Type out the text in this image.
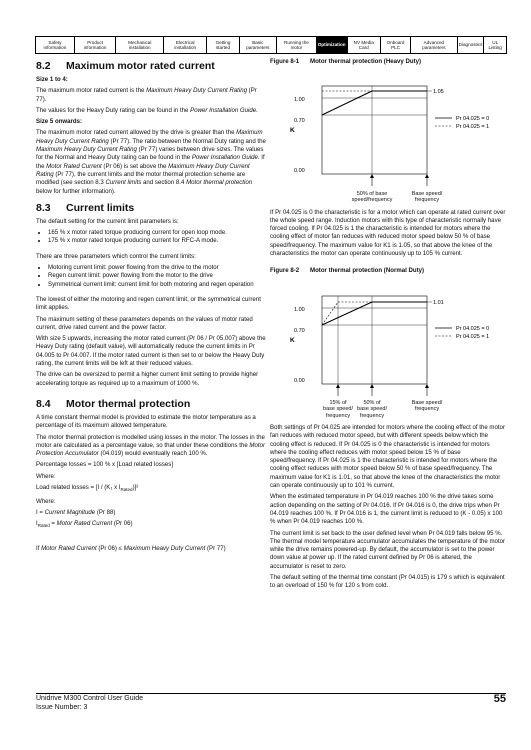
Safety information
Product information
Mechanical installation
Electrical installation
Getting started
Basic parameters
Running the motor
Optimization
NV Media Card
Onboard PLC
Advanced parameters
Diagnostics
UL Listing
8.2 Maximum motor rated current

Size 1 to 4:

The maximum motor rated current is the Maximum Heavy Duty Current Rating (Pr 77).

The values for the Heavy Duty rating can be found in the Power Installation Guide.

Size 5 onwards:

The maximum motor rated current allowed by the drive is greater than the Maximum Heavy Duty Current Rating (Pr 77). The ratio between the Normal Duty rating and the Maximum Heavy Duty Current Rating (Pr 77) varies between drive sizes. The values for the Normal and Heavy Duty rating can be found in the Power Installation Guide. If the Motor Rated Current (Pr 06) is set above the Maximum Heavy Duty Current Rating (Pr 77), the current limits and the motor thermal protection scheme are modified (see section 8.3 Current limits and section 8.4 Motor thermal protection below for further information).

8.3 Current limits

The default setting for the current limit parameters is:

• 165 % x motor rated torque producing current for open loop mode.
• 175 % x motor rated torque producing current for RFC-A mode.

There are three parameters which control the current limits:

• Motoring current limit: power flowing from the drive to the motor
• Regen current limit: power flowing from the motor to the drive
• Symmetrical current limit: current limit for both motoring and regen operation

The lowest of either the motoring and regen current limit, or the symmetrical current limit applies.

The maximum setting of these parameters depends on the values of motor rated current, drive rated current and the power factor.

With size 5 upwards, increasing the motor rated current (Pr 06 / Pr 05.007) above the Heavy Duty rating (default value), will automatically reduce the current limits in Pr 04.005 to Pr 04.007. If the motor rated current is then set to or below the Heavy Duty rating, the current limits will be left at their reduced values.

The drive can be oversized to permit a higher current limit setting to provide higher accelerating torque as required up to a maximum of 1000 %.

8.4 Motor thermal protection

A time constant thermal model is provided to estimate the motor temperature as a percentage of its maximum allowed temperature.

The motor thermal protection is modelled using losses in the motor. The losses in the motor are calculated as a percentage value, so that under these conditions the Motor Protection Accumulator (04.019) would eventually reach 100 %.

Percentage losses = 100 % x [Load related losses]

Where:

Load related losses = [I / (K₁ x $I_{Rated})]^2$

Where:

I = Current Magnitude (Pr 88)

$I_{Rated}$ = Motor Rated Current (Pr 06)

If Motor Rated Current (Pr 06) ≤ Maximum Heavy Duty Current (Pr 77)

Figure 8-1 Motor thermal protection (Heavy Duty)

1.00
0.70
0.00
K
1.05
Pr 04.025 = 0
Pr 04.025 = 1
50% of base
speed/frequency
Base speed/
frequency

If Pr 04.025 is 0 the characteristic is for a motor which can operate at rated current over the whole speed range. Induction motors with this type of characteristic normally have forced cooling. If Pr 04.025 is 1 the characteristic is intended for motors where the cooling effect of motor fan reduces with reduced motor speed below 50 % of base speed/frequency. The maximum value for K1 is 1.05, so that above the knee of the characteristics the motor can operate continuously up to 105 % current.

Figure 8-2 Motor thermal protection (Normal Duty)

1.00
0.70
0.00
K
1.01
Pr 04.025 = 0
Pr 04.025 = 1
15% of
base speed/
frequency
50% of
base speed/
frequency
Base speed/
frequency

Both settings of Pr 04.025 are intended for motors where the cooling effect of the motor fan reduces with reduced motor speed, but with different speeds below which the cooling effect is reduced. If Pr 04.025 is 0 the characteristic is intended for motors where the cooling effect reduces with motor speed below 15 % of base speed/frequency. If Pr 04.025 is 1 the characteristic is intended for motors where the cooling effect reduces with motor speed below 50 % of base speed/frequency. The maximum value for K1 is 1.01, so that above the knee of the characteristics the motor can operate continuously up to 101 % current.

When the estimated temperature in Pr 04.019 reaches 100 % the drive takes some action depending on the setting of Pr 04.016. If Pr 04.016 is 0, the drive trips when Pr 04.019 reaches 100 %. If Pr 04.016 is 1, the current limit is reduced to (K - 0.05) x 100 % when Pr 04.019 reaches 100 %.

The current limit is set back to the user defined level when Pr 04.019 falls below 95 %. The thermal model temperature accumulator accumulates the temperature of the motor while the drive remains powered-up. By default, the accumulator is set to the power down value at power up. If the rated current defined by Pr 06 is altered, the accumulator is reset to zero.

The default setting of the thermal time constant (Pr 04.015) is 179 s which is equivalent to an overload of 150 % for 120 s from cold.

Unidrive M300 Control User Guide
Issue Number: 3
55
